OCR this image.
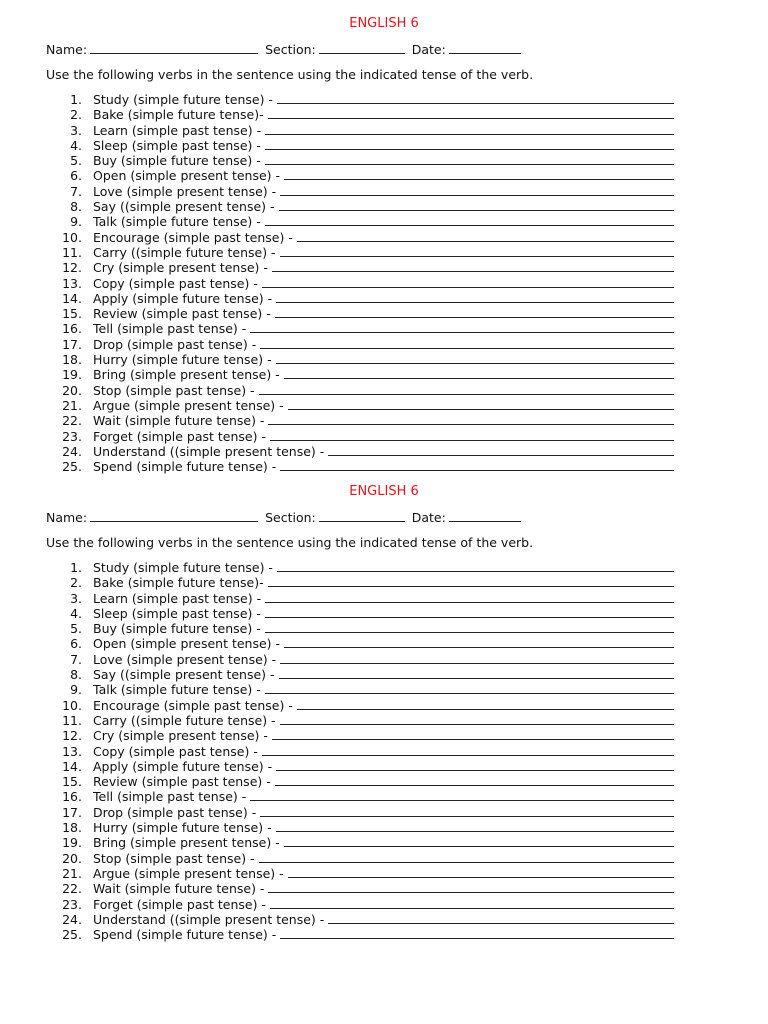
ENGLISH 6
Name:	Section:	Date:
Use the following verbs in the sentence using the indicated tense of the verb.
1. Study (simple future tense) -
2. Bake (simple future tense)-
3. Learn (simple past tense) -
4. Sleep (simple past tense) -
5. Buy (simple future tense) -
6. Open (simple present tense) -
7. Love (simple present tense) -
8. Say ((simple present tense) -
9. Talk (simple future tense) -
10. Encourage (simple past tense) -
11. Carry ((simple future tense) -
12. Cry (simple present tense) -
13. Copy (simple past tense) -
14. Apply (simple future tense) -
15. Review (simple past tense) -
16. Tell (simple past tense) -
17. Drop (simple past tense) -
18. Hurry (simple future tense) -
19. Bring (simple present tense) -
20. Stop (simple past tense) -
21. Argue (simple present tense) -
22. Wait (simple future tense) -
23. Forget (simple past tense) -
24. Understand ((simple present tense) -
25. Spend (simple future tense) -
ENGLISH 6
Name:	Section:	Date:
Use the following verbs in the sentence using the indicated tense of the verb.
1. Study (simple future tense) -
2. Bake (simple future tense)-
3. Learn (simple past tense) -
4. Sleep (simple past tense) -
5. Buy (simple future tense) -
6. Open (simple present tense) -
7. Love (simple present tense) -
8. Say ((simple present tense) -
9. Talk (simple future tense) -
10. Encourage (simple past tense) -
11. Carry ((simple future tense) -
12. Cry (simple present tense) -
13. Copy (simple past tense) -
14. Apply (simple future tense) -
15. Review (simple past tense) -
16. Tell (simple past tense) -
17. Drop (simple past tense) -
18. Hurry (simple future tense) -
19. Bring (simple present tense) -
20. Stop (simple past tense) -
21. Argue (simple present tense) -
22. Wait (simple future tense) -
23. Forget (simple past tense) -
24. Understand ((simple present tense) -
25. Spend (simple future tense) -
